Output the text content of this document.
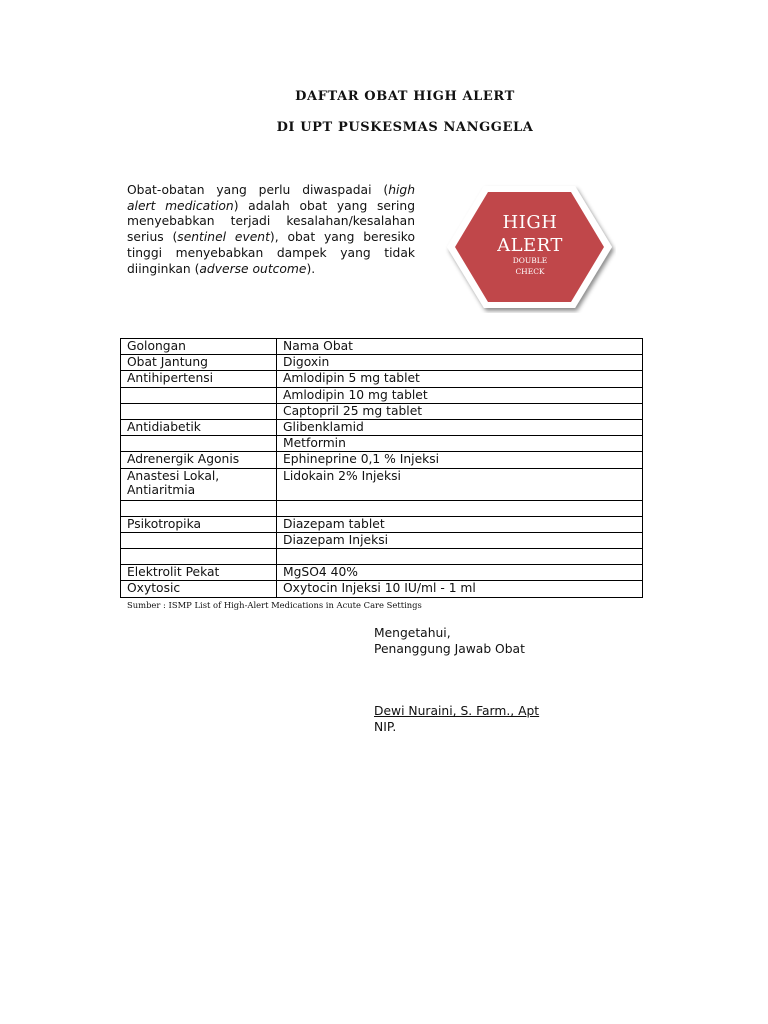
DAFTAR OBAT HIGH ALERT
DI UPT PUSKESMAS NANGGELA
Obat-obatan yang perlu diwaspadai (high alert medication) adalah obat yang sering menyebabkan terjadi kesalahan/kesalahan serius (sentinel event), obat yang beresiko tinggi menyebabkan dampek yang tidak diinginkan (adverse outcome).
HIGH
ALERT
DOUBLE
CHECK
Golongan	Nama Obat
Obat Jantung	Digoxin
Antihipertensi	Amlodipin 5 mg tablet
	Amlodipin 10 mg tablet
	Captopril 25 mg tablet
Antidiabetik	Glibenklamid
	Metformin
Adrenergik Agonis	Ephineprine 0,1 % Injeksi
Anastesi Lokal, Antiaritmia	Lidokain 2% Injeksi

Psikotropika	Diazepam tablet
	Diazepam Injeksi

Elektrolit Pekat	MgSO4 40%
Oxytosic	Oxytocin Injeksi 10 IU/ml - 1 ml
Sumber : ISMP List of High-Alert Medications in Acute Care Settings
Mengetahui,
Penanggung Jawab Obat
Dewi Nuraini, S. Farm., Apt
NIP.
